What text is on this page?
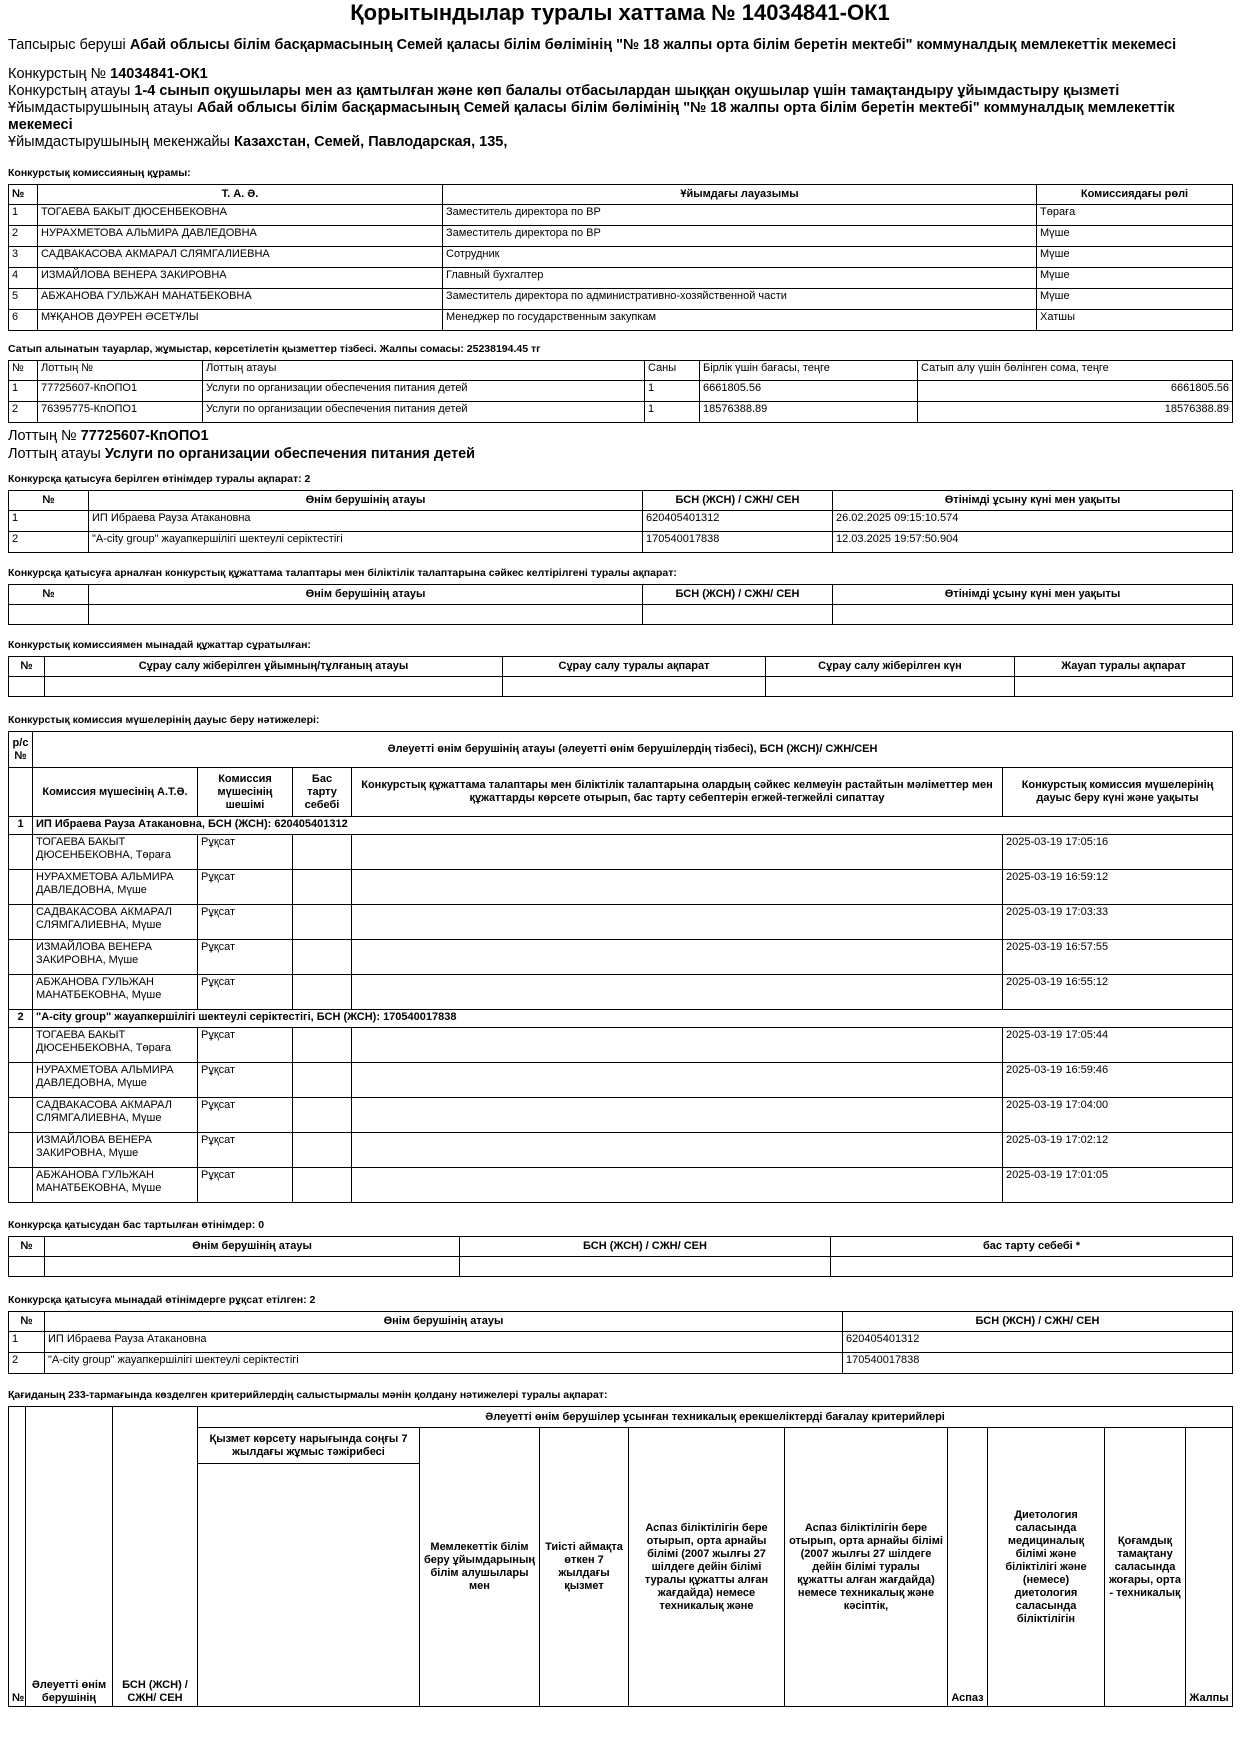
Қорытындылар туралы хаттама № 14034841-ОК1
Тапсырыс беруші Абай облысы білім басқармасының Семей қаласы білім бөлімінің "№ 18 жалпы орта білім беретін мектебі" коммуналдық мемлекеттік мекемесі
Конкурстың № 14034841-ОК1
Конкурстың атауы 1-4 сынып оқушылары мен аз қамтылған және көп балалы отбасылардан шыққан оқушылар үшін тамақтандыру ұйымдастыру қызметі
Ұйымдастырушының атауы Абай облысы білім басқармасының Семей қаласы білім бөлімінің "№ 18 жалпы орта білім беретін мектебі" коммуналдық мемлекеттік мекемесі
Ұйымдастырушының мекенжайы Казахстан, Семей, Павлодарская, 135,
Конкурстық комиссияның құрамы:
№	Т. А. Ә.	Ұйымдағы лауазымы	Комиссиядағы рөлі
1	ТОГАЕВА БАКЫТ ДЮСЕНБЕКОВНА	Заместитель директора по ВР	Төраға
2	НУРАХМЕТОВА АЛЬМИРА ДАВЛЕДОВНА	Заместитель директора по ВР	Мүше
3	САДВАКАСОВА АКМАРАЛ СЛЯМГАЛИЕВНА	Сотрудник	Мүше
4	ИЗМАЙЛОВА ВЕНЕРА ЗАКИРОВНА	Главный бухгалтер	Мүше
5	АБЖАНОВА ГУЛЬЖАН МАНАТБЕКОВНА	Заместитель директора по административно-хозяйственной части	Мүше
6	МҰҚАНОВ ДӘУРЕН ӘСЕТҰЛЫ	Менеджер по государственным закупкам	Хатшы
Сатып алынатын тауарлар, жұмыстар, көрсетілетін қызметтер тізбесі. Жалпы сомасы: 25238194.45 тг
№	Лоттың №	Лоттың атауы	Саны	Бірлік үшін бағасы, теңге	Сатып алу үшін бөлінген сома, теңге
1	77725607-КпОПО1	Услуги по организации обеспечения питания детей	1	6661805.56	6661805.56
2	76395775-КпОПО1	Услуги по организации обеспечения питания детей	1	18576388.89	18576388.89
Лоттың № 77725607-КпОПО1
Лоттың атауы Услуги по организации обеспечения питания детей
Конкурсқа қатысуға берілген өтінімдер туралы ақпарат: 2
№	Өнім берушінің атауы	БСН (ЖСН) / СЖН/ СЕН	Өтінімді ұсыну күні мен уақыты
1	ИП Ибраева Рауза Атакановна	620405401312	26.02.2025 09:15:10.574
2	"A-city group" жауапкершілігі шектеулі серіктестігі	170540017838	12.03.2025 19:57:50.904
Конкурсқа қатысуға арналған конкурстық құжаттама талаптары мен біліктілік талаптарына сәйкес келтірілгені туралы ақпарат:
№	Өнім берушінің атауы	БСН (ЖСН) / СЖН/ СЕН	Өтінімді ұсыну күні мен уақыты

Конкурстық комиссиямен мынадай құжаттар сұратылған:
№	Сұрау салу жіберілген ұйымның/тұлғаның атауы	Сұрау салу туралы ақпарат	Сұрау салу жіберілген күн	Жауап туралы ақпарат

Конкурстық комиссия мүшелерінің дауыс беру нәтижелері:
р/с №	Әлеуетті өнім берушінің атауы (әлеуетті өнім берушілердің тізбесі), БСН (ЖСН)/ СЖН/СЕН				
	Комиссия мүшесінің А.Т.Ә.	Комиссия мүшесінің шешімі	Бас тарту себебі	Конкурстық құжаттама талаптары мен біліктілік талаптарына олардың сәйкес келмеуін растайтын мәліметтер мен құжаттарды көрсете отырып, бас тарту себептерін егжей-тегжейлі сипаттау	Конкурстық комиссия мүшелерінің дауыс беру күні және уақыты
1	ИП Ибраева Рауза Атакановна, БСН (ЖСН): 620405401312				
	ТОГАЕВА БАКЫТ ДЮСЕНБЕКОВНА, Төраға	Рұқсат			2025-03-19 17:05:16
	НУРАХМЕТОВА АЛЬМИРА ДАВЛЕДОВНА, Мүше	Рұқсат			2025-03-19 16:59:12
	САДВАКАСОВА АКМАРАЛ СЛЯМГАЛИЕВНА, Мүше	Рұқсат			2025-03-19 17:03:33
	ИЗМАЙЛОВА ВЕНЕРА ЗАКИРОВНА, Мүше	Рұқсат			2025-03-19 16:57:55
	АБЖАНОВА ГУЛЬЖАН МАНАТБЕКОВНА, Мүше	Рұқсат			2025-03-19 16:55:12
2	"A-city group" жауапкершілігі шектеулі серіктестігі, БСН (ЖСН): 170540017838				
	ТОГАЕВА БАКЫТ ДЮСЕНБЕКОВНА, Төраға	Рұқсат			2025-03-19 17:05:44
	НУРАХМЕТОВА АЛЬМИРА ДАВЛЕДОВНА, Мүше	Рұқсат			2025-03-19 16:59:46
	САДВАКАСОВА АКМАРАЛ СЛЯМГАЛИЕВНА, Мүше	Рұқсат			2025-03-19 17:04:00
	ИЗМАЙЛОВА ВЕНЕРА ЗАКИРОВНА, Мүше	Рұқсат			2025-03-19 17:02:12
	АБЖАНОВА ГУЛЬЖАН МАНАТБЕКОВНА, Мүше	Рұқсат			2025-03-19 17:01:05
Конкурсқа қатысудан бас тартылған өтінімдер: 0
№	Өнім берушінің атауы	БСН (ЖСН) / СЖН/ СЕН	бас тарту себебі *

Конкурсқа қатысуға мынадай өтінімдерге рұқсат етілген: 2
№	Өнім берушінің атауы	БСН (ЖСН) / СЖН/ СЕН
1	ИП Ибраева Рауза Атакановна	620405401312
2	"A-city group" жауапкершілігі шектеулі серіктестігі	170540017838
Қағиданың 233-тармағында көзделген критерийлердің салыстырмалы мәнін қолдану нәтижелері туралы ақпарат:
№	Әлеуетті өнім берушінің	БСН (ЖСН) / СЖН/ СЕН	Әлеуетті өнім берушілер ұсынған техникалық ерекшеліктерді бағалау критерийлері								
			Қызмет көрсету нарығында соңғы 7 жылдағы жұмыс тәжірибесі	Мемлекеттік білім беру ұйымдарының білім алушылары мен	Тиісті аймақта өткен 7 жылдағы қызмет	Аспаз біліктілігін бере отырып, орта арнайы білімі (2007 жылғы 27 шілдеге дейін білімі туралы құжатты алған жағдайда) немесе техникалық және	Аспаз біліктілігін бере отырып, орта арнайы білімі (2007 жылғы 27 шілдеге дейін білімі туралы құжатты алған жағдайда) немесе техникалық және кәсіптік,	Аспаз	Диетология саласында медициналық білімі және біліктілігі және (немесе) диетология саласында біліктілігін	Қоғамдық тамақтану саласында жоғары, орта - техникалық	Жалпы
